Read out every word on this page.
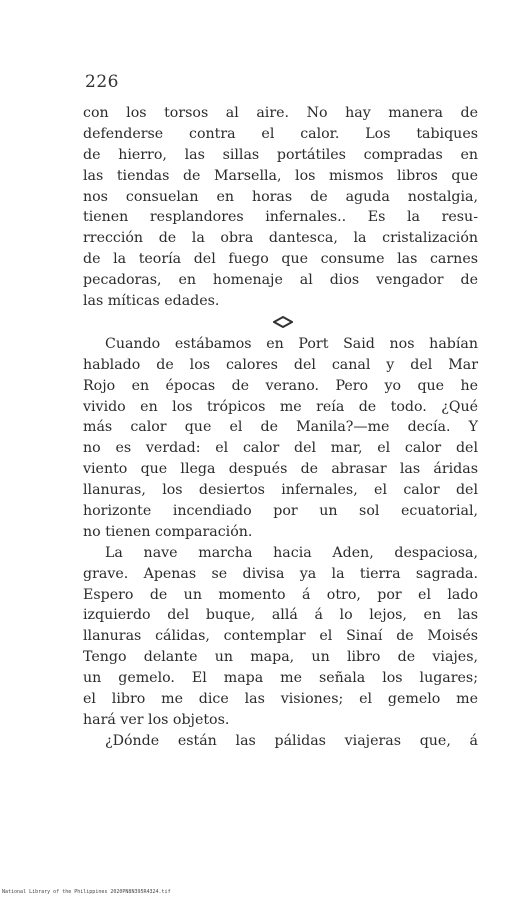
226
con los torsos al aire. No hay manera de
defenderse contra el calor. Los tabiques
de hierro, las sillas portátiles compradas en
las tiendas de Marsella, los mismos libros que
nos consuelan en horas de aguda nostalgia,
tienen resplandores infernales.. Es la resu-
rrección de la obra dantesca, la cristalización
de la teoría del fuego que consume las carnes
pecadoras, en homenaje al dios vengador de
las míticas edades.
Cuando estábamos en Port Said nos habían
hablado de los calores del canal y del Mar
Rojo en épocas de verano. Pero yo que he
vivido en los trópicos me reía de todo. ¿Qué
más calor que el de Manila?—me decía. Y
no es verdad: el calor del mar, el calor del
viento que llega después de abrasar las áridas
llanuras, los desiertos infernales, el calor del
horizonte incendiado por un sol ecuatorial,
no tienen comparación.
La nave marcha hacia Aden, despaciosa,
grave. Apenas se divisa ya la tierra sagrada.
Espero de un momento á otro, por el lado
izquierdo del buque, allá á lo lejos, en las
llanuras cálidas, contemplar el Sinaí de Moisés
Tengo delante un mapa, un libro de viajes,
un gemelo. El mapa me señala los lugares;
el libro me dice las visiones; el gemelo me
hará ver los objetos.
¿Dónde están las pálidas viajeras que, á
National Library of the Philippines 2020PN8N395R4324.tif
